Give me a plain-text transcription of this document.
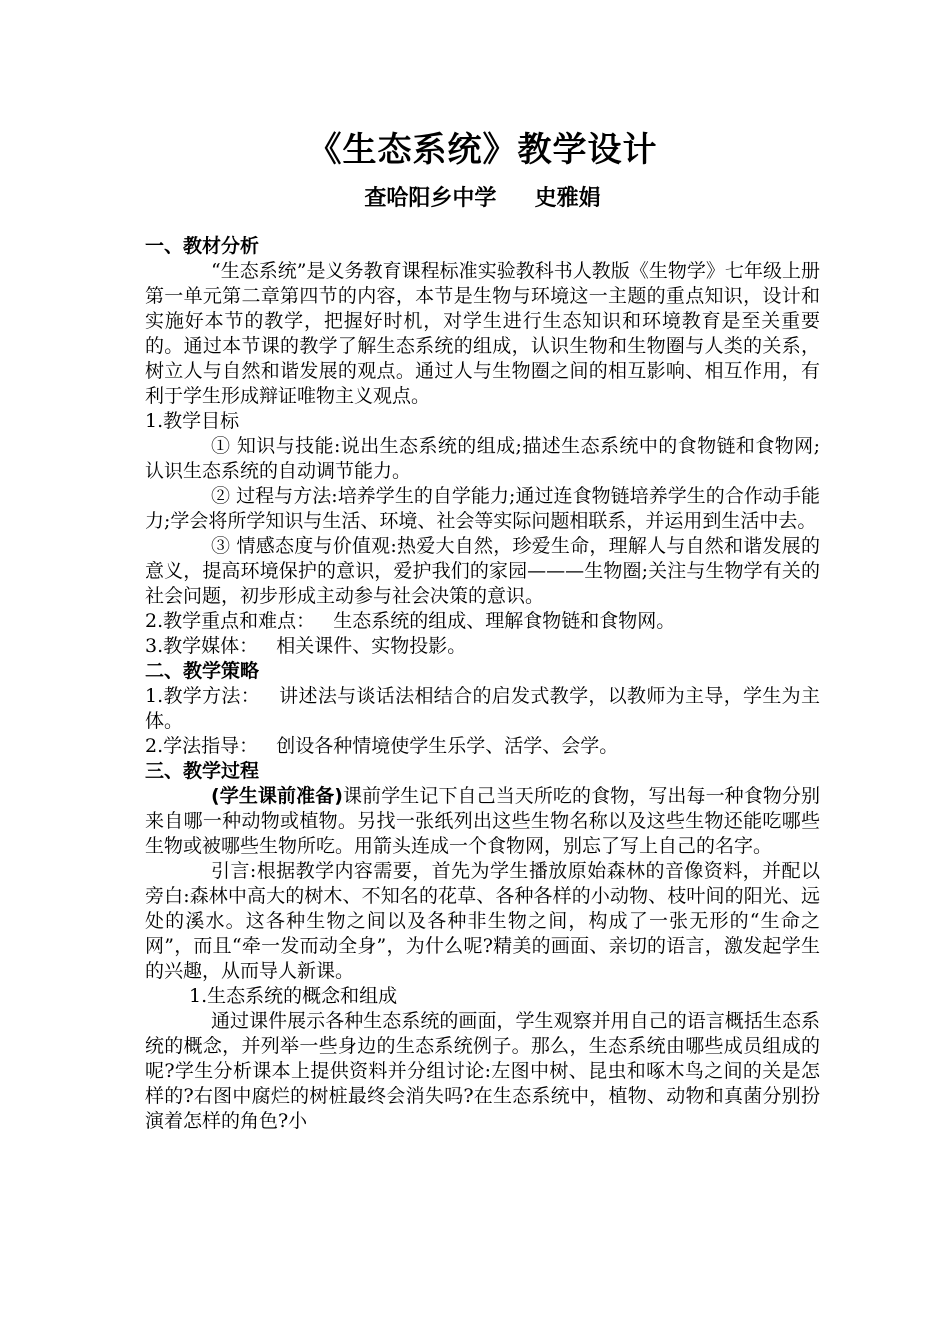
《生态系统》教学设计
查哈阳乡中学     史雅娟
一、教材分析

“生态系统”是义务教育课程标准实验教科书人教版《生物学》七年级上册第一单元第二章第四节的内容，本节是生物与环境这一主题的重点知识，设计和实施好本节的教学，把握好时机，对学生进行生态知识和环境教育是至关重要的。通过本节课的教学了解生态系统的组成，认识生物和生物圈与人类的关系，树立人与自然和谐发展的观点。通过人与生物圈之间的相互影响、相互作用，有利于学生形成辩证唯物主义观点。

1.教学目标

① 知识与技能:说出生态系统的组成;描述生态系统中的食物链和食物网;认识生态系统的自动调节能力。

② 过程与方法:培养学生的自学能力;通过连食物链培养学生的合作动手能力;学会将所学知识与生活、环境、社会等实际问题相联系，并运用到生活中去。

③ 情感态度与价值观:热爱大自然，珍爱生命，理解人与自然和谐发展的意义，提高环境保护的意识，爱护我们的家园———生物圈;关注与生物学有关的社会问题，初步形成主动参与社会决策的意识。

2.教学重点和难点：   生态系统的组成、理解食物链和食物网。

3.教学媒体：   相关课件、实物投影。

二、教学策略

1.教学方法：   讲述法与谈话法相结合的启发式教学，以教师为主导，学生为主体。

2.学法指导：   创设各种情境使学生乐学、活学、会学。

三、教学过程

(学生课前准备)课前学生记下自己当天所吃的食物，写出每一种食物分别来自哪一种动物或植物。另找一张纸列出这些生物名称以及这些生物还能吃哪些生物或被哪些生物所吃。用箭头连成一个食物网，别忘了写上自己的名字。

引言:根据教学内容需要，首先为学生播放原始森林的音像资料，并配以旁白:森林中高大的树木、不知名的花草、各种各样的小动物、枝叶间的阳光、远处的溪水。这各种生物之间以及各种非生物之间，构成了一张无形的“生命之网”，而且“牵一发而动全身”，为什么呢?精美的画面、亲切的语言，激发起学生的兴趣，从而导人新课。

1.生态系统的概念和组成

通过课件展示各种生态系统的画面，学生观察并用自己的语言概括生态系统的概念，并列举一些身边的生态系统例子。那么，生态系统由哪些成员组成的呢?学生分析课本上提供资料并分组讨论:左图中树、昆虫和啄木鸟之间的关是怎样的?右图中腐烂的树桩最终会消失吗?在生态系统中，植物、动物和真菌分别扮演着怎样的角色?小
